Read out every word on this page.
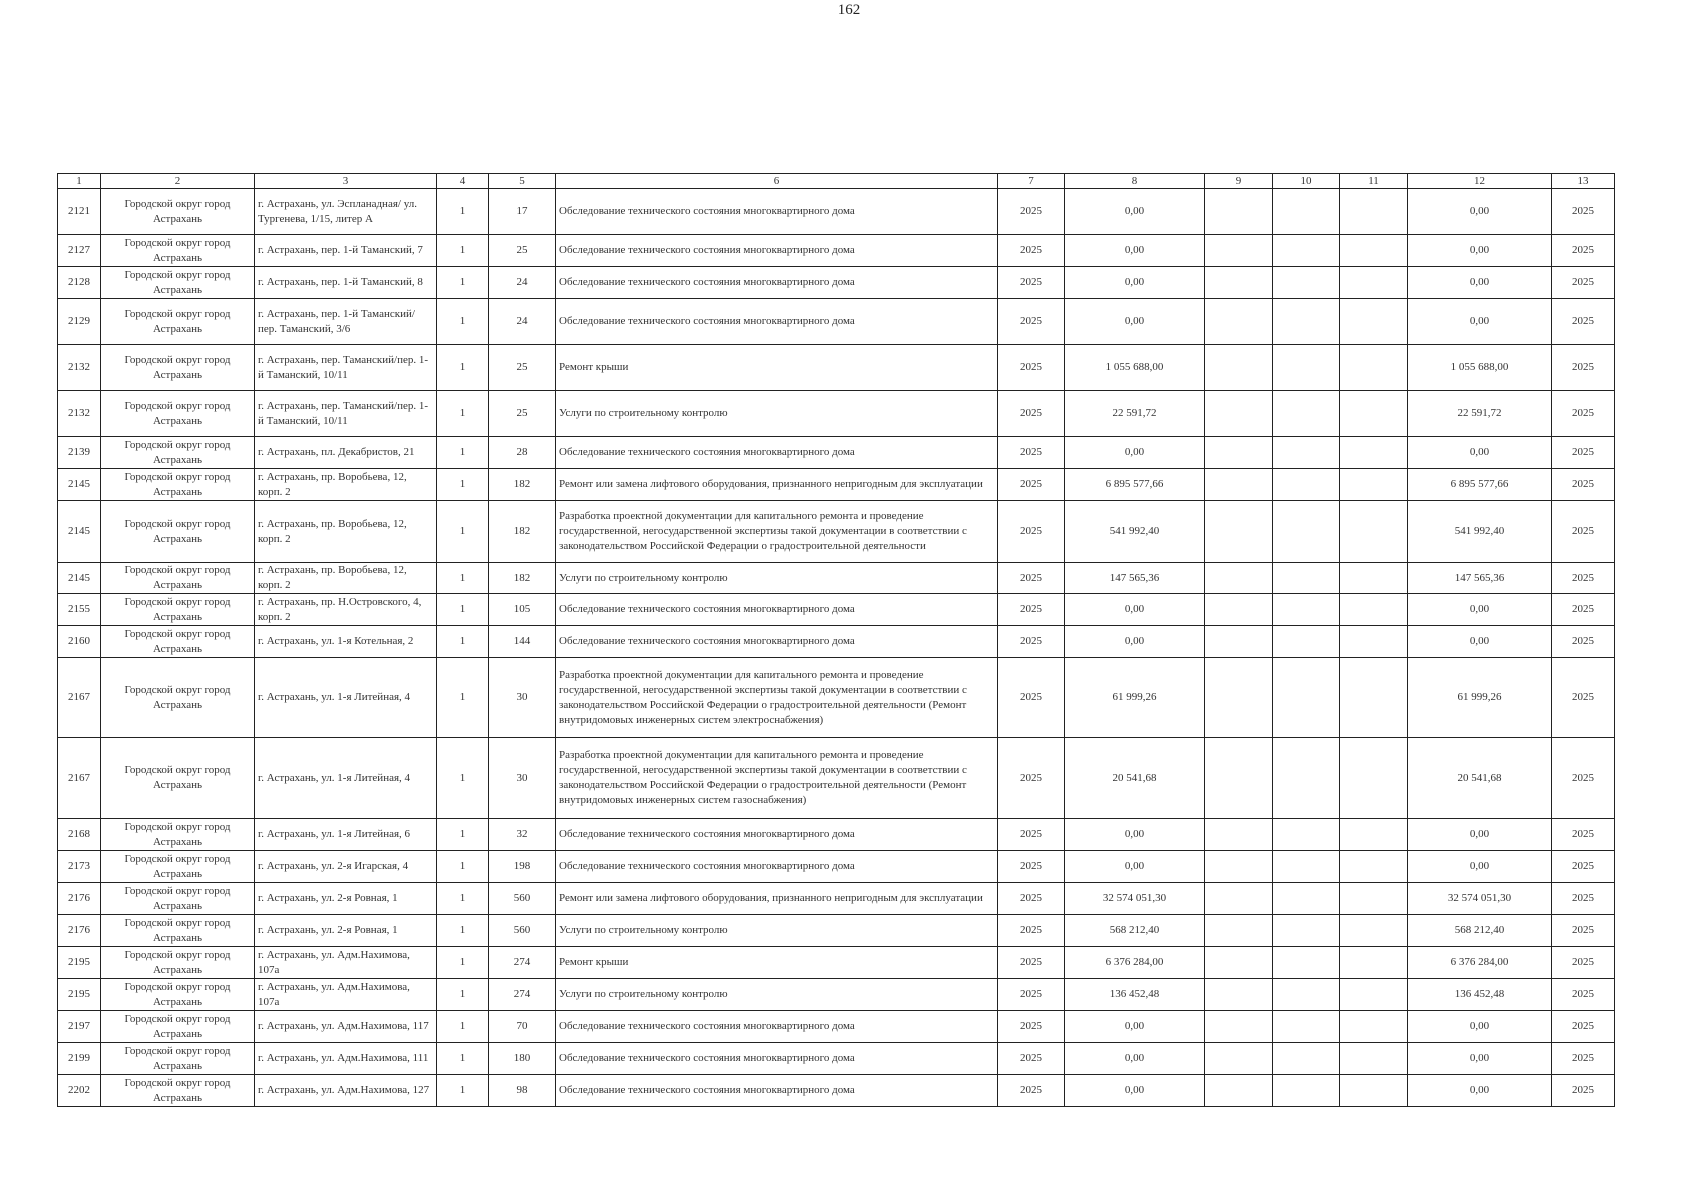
162
1	2	3	4	5	6	7	8	9	10	11	12	13
2121	Городской округ город Астрахань	г. Астрахань, ул. Эспланадная/ ул. Тургенева, 1/15, литер А	1	17	Обследование технического состояния многоквартирного дома	2025	0,00				0,00	2025
2127	Городской округ город Астрахань	г. Астрахань, пер. 1-й Таманский, 7	1	25	Обследование технического состояния многоквартирного дома	2025	0,00				0,00	2025
2128	Городской округ город Астрахань	г. Астрахань, пер. 1-й Таманский, 8	1	24	Обследование технического состояния многоквартирного дома	2025	0,00				0,00	2025
2129	Городской округ город Астрахань	г. Астрахань, пер. 1-й Таманский/ пер. Таманский, 3/6	1	24	Обследование технического состояния многоквартирного дома	2025	0,00				0,00	2025
2132	Городской округ город Астрахань	г. Астрахань, пер. Таманский/пер. 1-й Таманский, 10/11	1	25	Ремонт крыши	2025	1 055 688,00				1 055 688,00	2025
2132	Городской округ город Астрахань	г. Астрахань, пер. Таманский/пер. 1-й Таманский, 10/11	1	25	Услуги по строительному контролю	2025	22 591,72				22 591,72	2025
2139	Городской округ город Астрахань	г. Астрахань, пл. Декабристов, 21	1	28	Обследование технического состояния многоквартирного дома	2025	0,00				0,00	2025
2145	Городской округ город Астрахань	г. Астрахань, пр. Воробьева, 12, корп. 2	1	182	Ремонт или замена лифтового оборудования, признанного непригодным для эксплуатации	2025	6 895 577,66				6 895 577,66	2025
2145	Городской округ город Астрахань	г. Астрахань, пр. Воробьева, 12, корп. 2	1	182	Разработка проектной документации для капитального ремонта и проведение государственной, негосударственной экспертизы такой документации в соответствии с законодательством Российской Федерации о градостроительной деятельности	2025	541 992,40				541 992,40	2025
2145	Городской округ город Астрахань	г. Астрахань, пр. Воробьева, 12, корп. 2	1	182	Услуги по строительному контролю	2025	147 565,36				147 565,36	2025
2155	Городской округ город Астрахань	г. Астрахань, пр. Н.Островского, 4, корп. 2	1	105	Обследование технического состояния многоквартирного дома	2025	0,00				0,00	2025
2160	Городской округ город Астрахань	г. Астрахань, ул. 1-я Котельная, 2	1	144	Обследование технического состояния многоквартирного дома	2025	0,00				0,00	2025
2167	Городской округ город Астрахань	г. Астрахань, ул. 1-я Литейная, 4	1	30	Разработка проектной документации для капитального ремонта и проведение государственной, негосударственной экспертизы такой документации в соответствии с законодательством Российской Федерации о градостроительной деятельности (Ремонт внутридомовых инженерных систем электроснабжения)	2025	61 999,26				61 999,26	2025
2167	Городской округ город Астрахань	г. Астрахань, ул. 1-я Литейная, 4	1	30	Разработка проектной документации для капитального ремонта и проведение государственной, негосударственной экспертизы такой документации в соответствии с законодательством Российской Федерации о градостроительной деятельности (Ремонт внутридомовых инженерных систем газоснабжения)	2025	20 541,68				20 541,68	2025
2168	Городской округ город Астрахань	г. Астрахань, ул. 1-я Литейная, 6	1	32	Обследование технического состояния многоквартирного дома	2025	0,00				0,00	2025
2173	Городской округ город Астрахань	г. Астрахань, ул. 2-я Игарская, 4	1	198	Обследование технического состояния многоквартирного дома	2025	0,00				0,00	2025
2176	Городской округ город Астрахань	г. Астрахань, ул. 2-я Ровная, 1	1	560	Ремонт или замена лифтового оборудования, признанного непригодным для эксплуатации	2025	32 574 051,30				32 574 051,30	2025
2176	Городской округ город Астрахань	г. Астрахань, ул. 2-я Ровная, 1	1	560	Услуги по строительному контролю	2025	568 212,40				568 212,40	2025
2195	Городской округ город Астрахань	г. Астрахань, ул. Адм.Нахимова, 107а	1	274	Ремонт крыши	2025	6 376 284,00				6 376 284,00	2025
2195	Городской округ город Астрахань	г. Астрахань, ул. Адм.Нахимова, 107а	1	274	Услуги по строительному контролю	2025	136 452,48				136 452,48	2025
2197	Городской округ город Астрахань	г. Астрахань, ул. Адм.Нахимова, 117	1	70	Обследование технического состояния многоквартирного дома	2025	0,00				0,00	2025
2199	Городской округ город Астрахань	г. Астрахань, ул. Адм.Нахимова, 111	1	180	Обследование технического состояния многоквартирного дома	2025	0,00				0,00	2025
2202	Городской округ город Астрахань	г. Астрахань, ул. Адм.Нахимова, 127	1	98	Обследование технического состояния многоквартирного дома	2025	0,00				0,00	2025
